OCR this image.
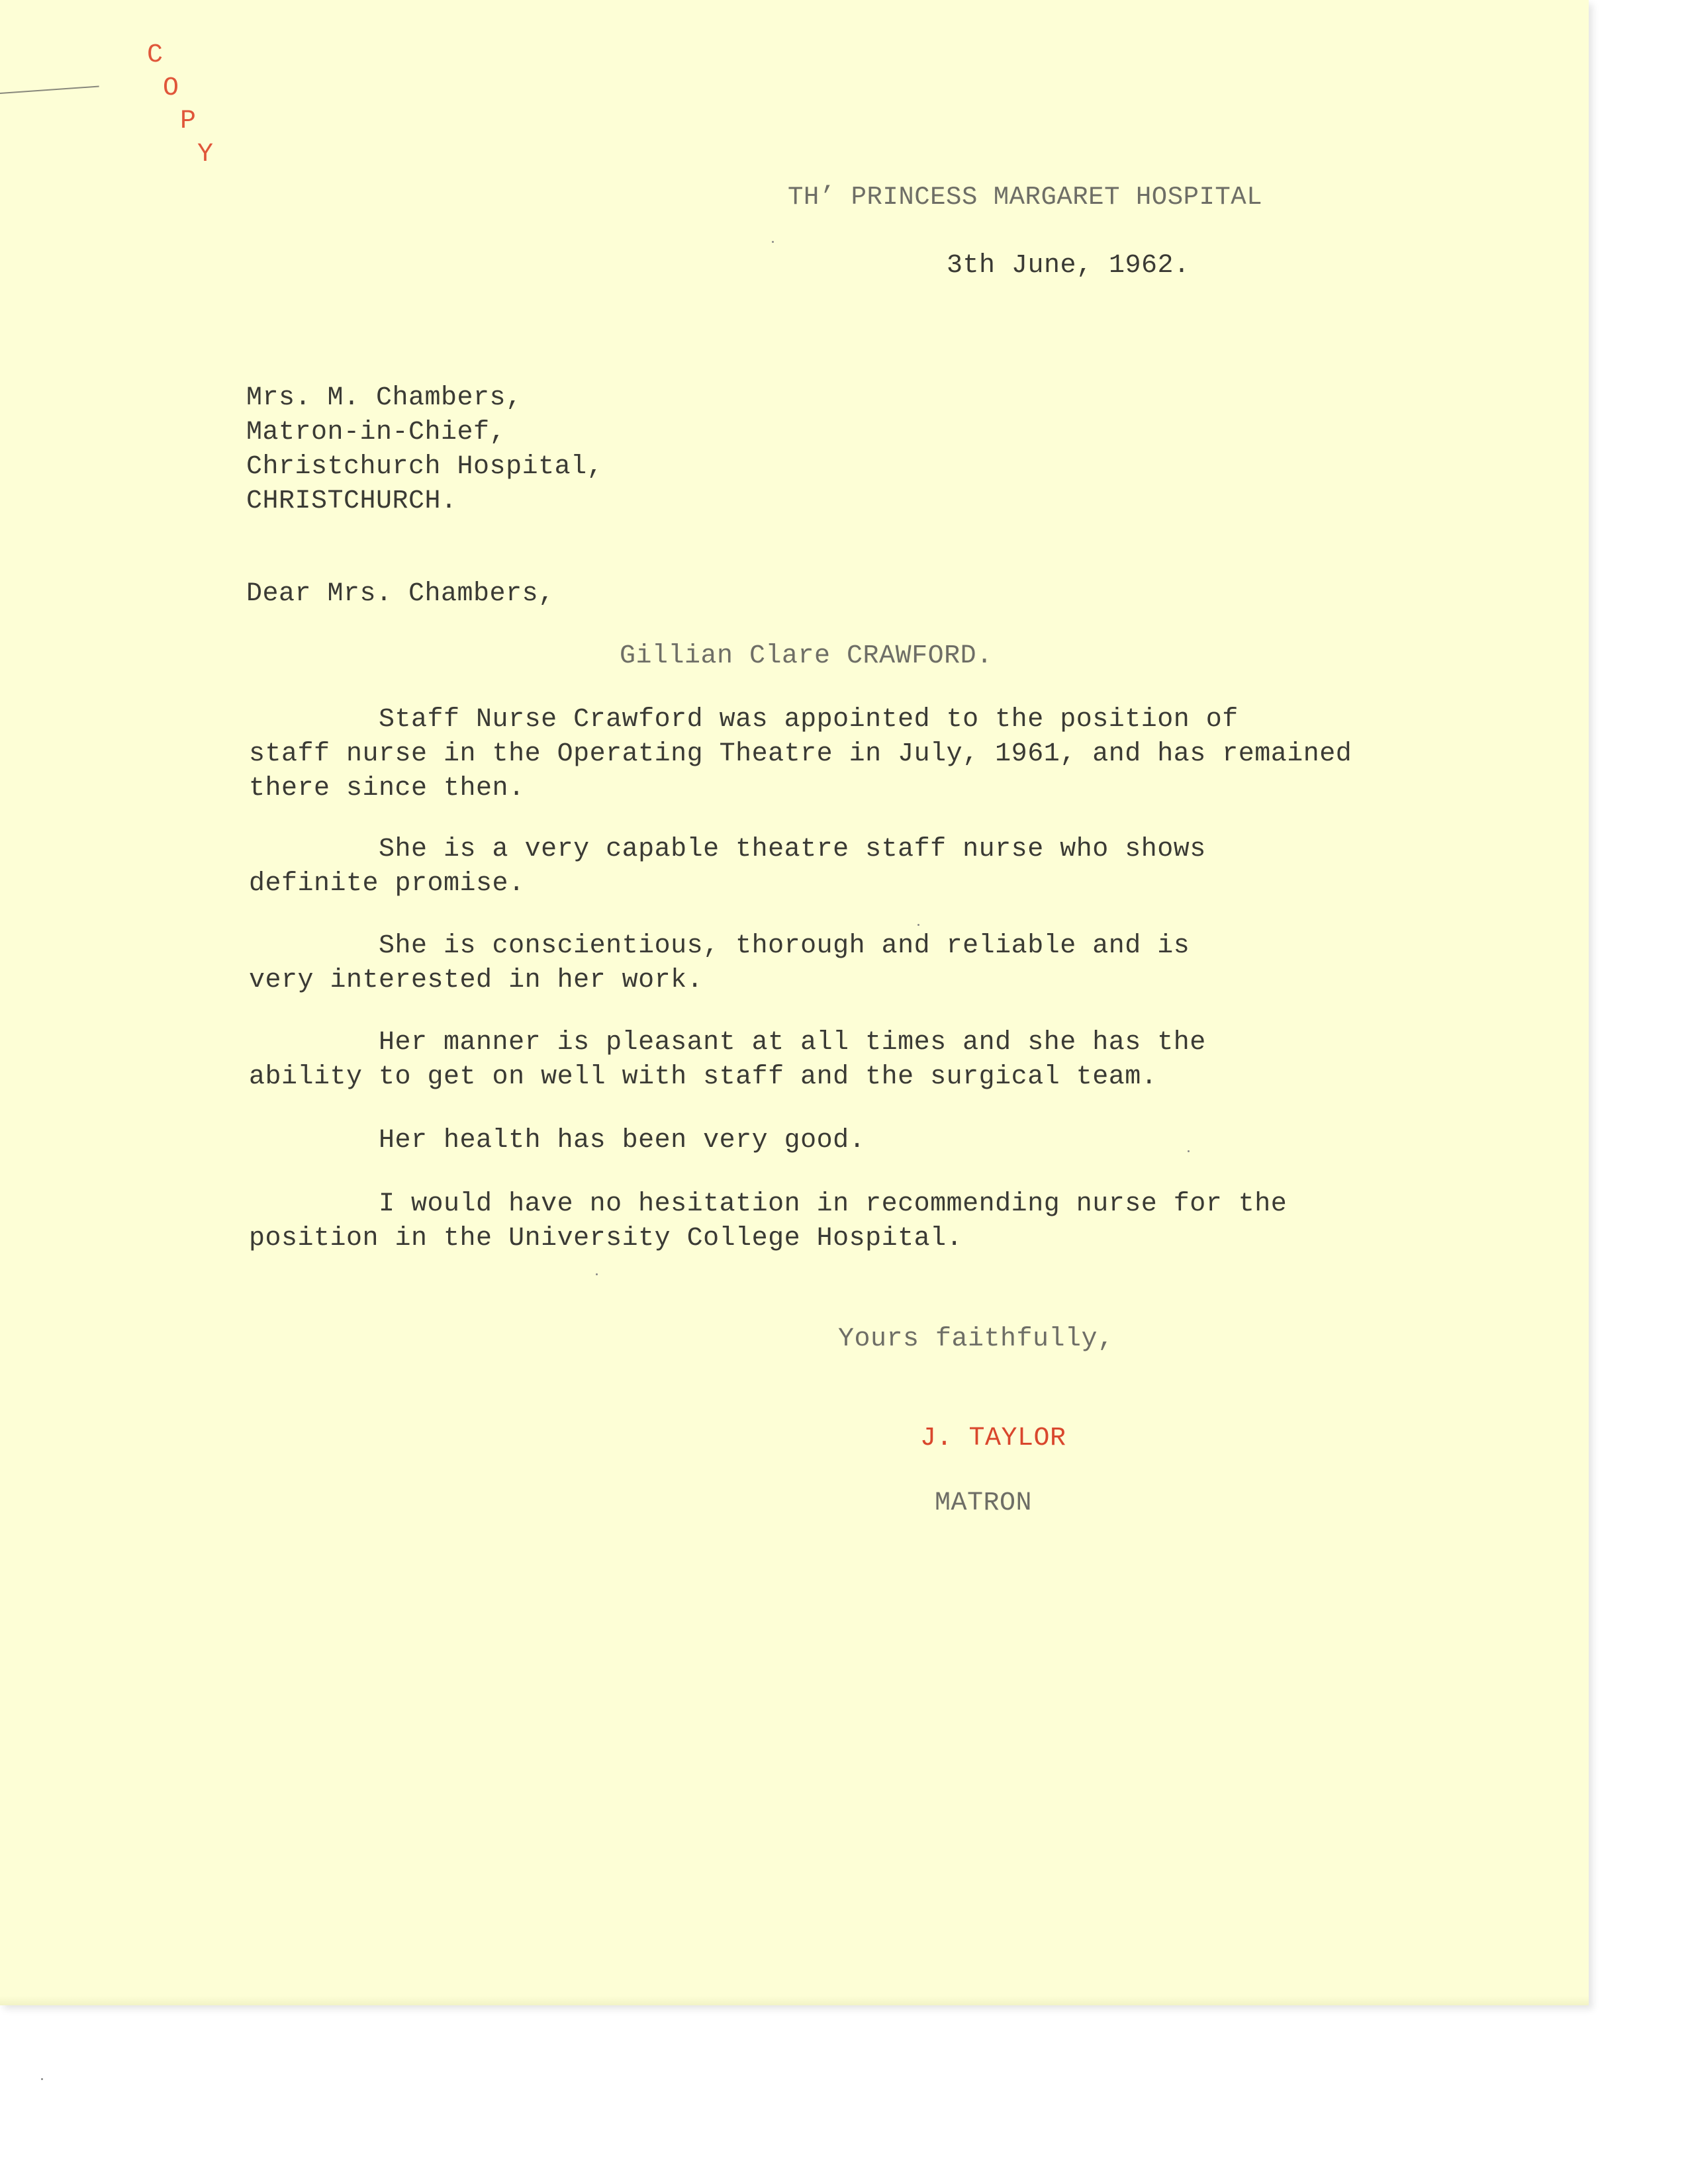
C
O
P
Y
TH’ PRINCESS MARGARET HOSPITAL
3th June, 1962.
Mrs. M. Chambers,
Matron-in-Chief,
Christchurch Hospital,
CHRISTCHURCH.
Dear Mrs. Chambers,
Gillian Clare CRAWFORD.
Staff Nurse Crawford was appointed to the position of
staff nurse in the Operating Theatre in July, 1961, and has remained
there since then.
She is a very capable theatre staff nurse who shows
definite promise.
She is conscientious, thorough and reliable and is
very interested in her work.
Her manner is pleasant at all times and she has the
ability to get on well with staff and the surgical team.
Her health has been very good.
I would have no hesitation in recommending nurse for the
position in the University College Hospital.
Yours faithfully,
J. TAYLOR
MATRON
